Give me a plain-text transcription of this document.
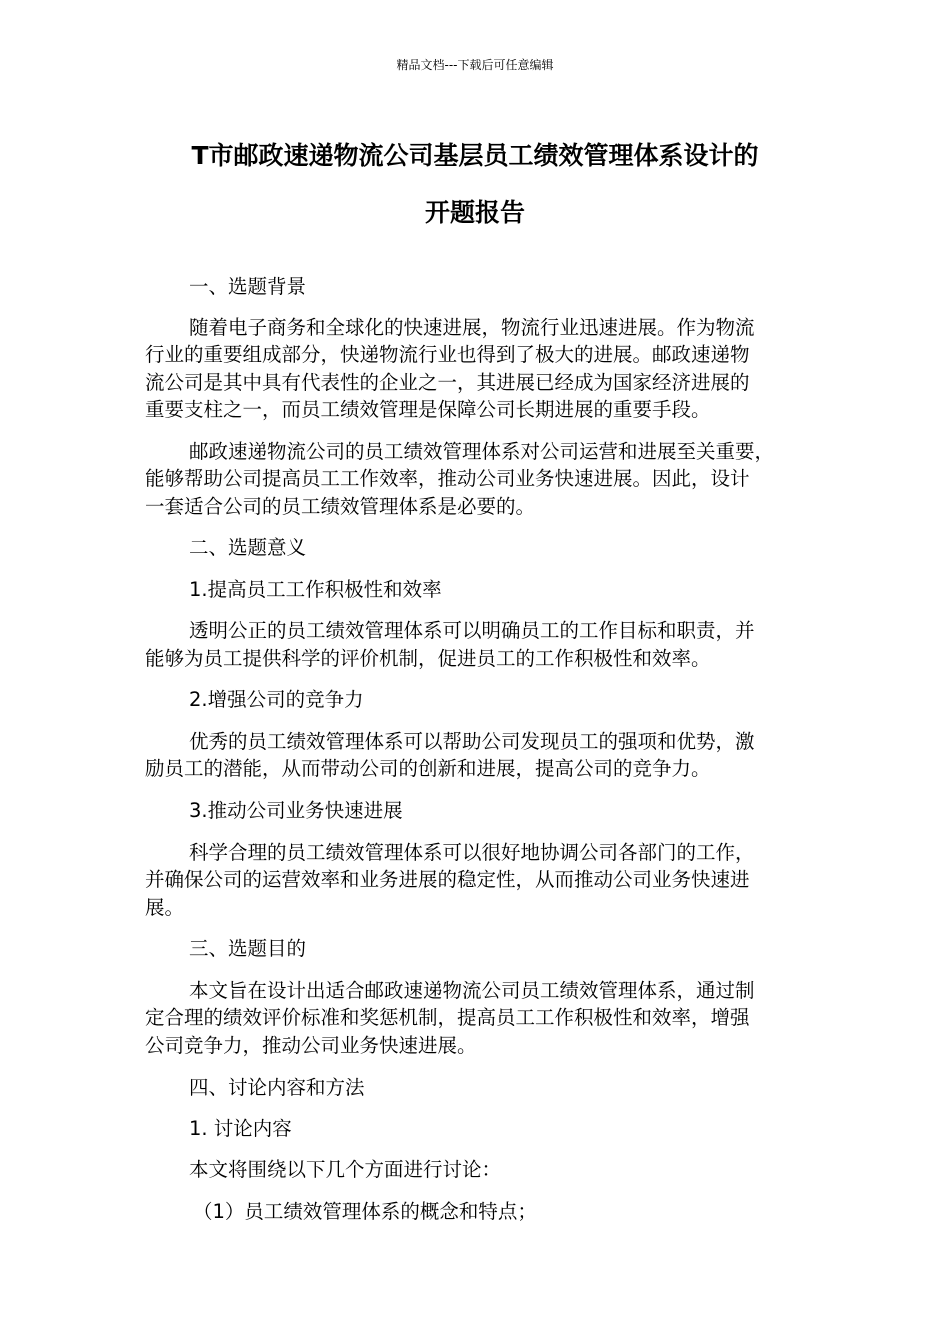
精品文档---下载后可任意编辑
T市邮政速递物流公司基层员工绩效管理体系设计的
开题报告
一、选题背景
随着电子商务和全球化的快速进展，物流行业迅速进展。作为物流
行业的重要组成部分，快递物流行业也得到了极大的进展。邮政速递物
流公司是其中具有代表性的企业之一，其进展已经成为国家经济进展的
重要支柱之一，而员工绩效管理是保障公司长期进展的重要手段。
邮政速递物流公司的员工绩效管理体系对公司运营和进展至关重要，
能够帮助公司提高员工工作效率，推动公司业务快速进展。因此，设计
一套适合公司的员工绩效管理体系是必要的。
二、选题意义
1.提高员工工作积极性和效率
透明公正的员工绩效管理体系可以明确员工的工作目标和职责，并
能够为员工提供科学的评价机制，促进员工的工作积极性和效率。
2.增强公司的竞争力
优秀的员工绩效管理体系可以帮助公司发现员工的强项和优势，激
励员工的潜能，从而带动公司的创新和进展，提高公司的竞争力。
3.推动公司业务快速进展
科学合理的员工绩效管理体系可以很好地协调公司各部门的工作，
并确保公司的运营效率和业务进展的稳定性，从而推动公司业务快速进
展。
三、选题目的
本文旨在设计出适合邮政速递物流公司员工绩效管理体系，通过制
定合理的绩效评价标准和奖惩机制，提高员工工作积极性和效率，增强
公司竞争力，推动公司业务快速进展。
四、讨论内容和方法
1. 讨论内容
本文将围绕以下几个方面进行讨论：
（1）员工绩效管理体系的概念和特点；
